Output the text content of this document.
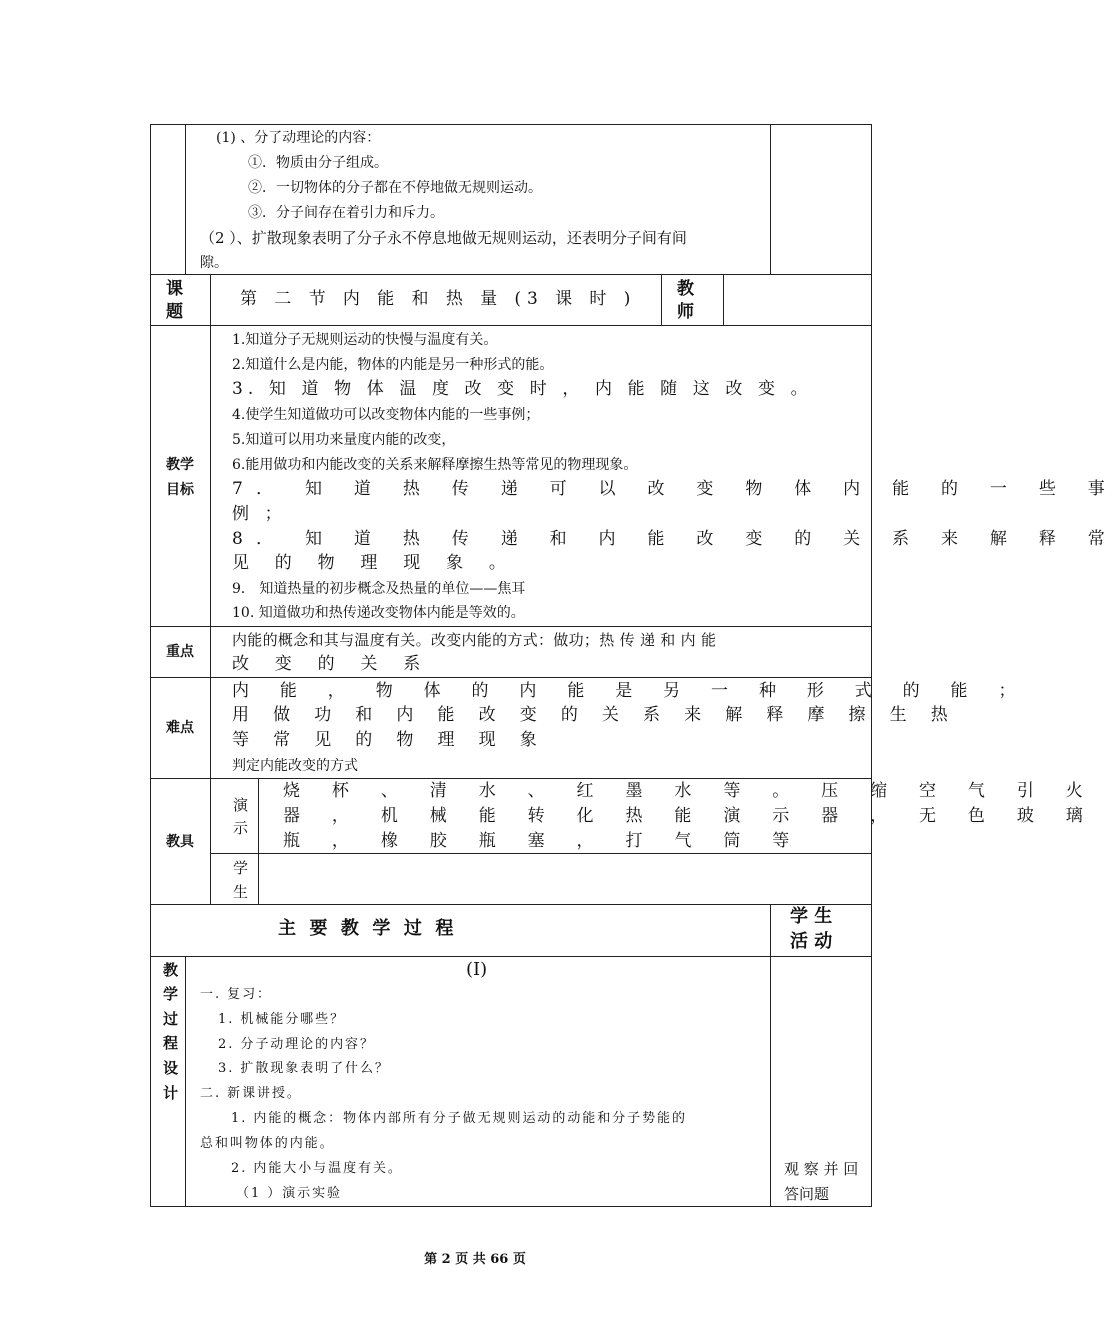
(1) 、分了动理论的内容：
①．物质由分子组成。
②．一切物体的分子都在不停地做无规则运动。
③．分子间存在着引力和斥力。
（2 ）、扩散现象表明了分子永不停息地做无规则运动，还表明分子间有间
隙。
课
题
第 二 节 内 能 和 热 量 (3 课 时 ) 教
师
教学
目标
1.知道分子无规则运动的快慢与温度有关。
2.知道什么是内能，物体的内能是另一种形式的能。
3. 知 道 物 体 温 度 改 变 时 ， 内 能 随 这 改 变 。
4.使学生知道做功可以改变物体内能的一些事例；
5.知道可以用功来量度内能的改变，
6.能用做功和内能改变的关系来解释摩擦生热等常见的物理现象。
7． 知 道 热 传 递 可 以 改 变 物 体 内 能 的 一 些 事
例 ；
8． 知 道 热 传 递 和 内 能 改 变 的 关 系 来 解 释 常
见 的 物 理 现 象 。
9． 知道热量的初步概念及热量的单位——焦耳
10. 知道做功和热传递改变物体内能是等效的。
重点
内能的概念和其与温度有关。改变内能的方式：做功；热 传 递 和 内 能
改 变 的 关 系
难点
内 能 ， 物 体 的 内 能 是 另 一 种 形 式 的 能 ；
用 做 功 和 内 能 改 变 的 关 系 来 解 释 摩 擦 生 热
等 常 见 的 物 理 现 象
判定内能改变的方式
教具
演
示
烧 杯 、 清 水 、 红 墨 水 等 。 压 缩 空 气 引 火
器 ， 机 械 能 转 化 热 能 演 示 器 ， 无 色 玻 璃
瓶 ， 橡 胶 瓶 塞 ， 打 气 筒 等
学
生
主 要 教 学 过 程
学 生
活 动
教
学
过
程
设
计
(I)
一. 复习：
1. 机械能分哪些？
2. 分子动理论的内容？
3. 扩散现象表明了什么？
二. 新课讲授。
1. 内能的概念：物体内部所有分子做无规则运动的动能和分子势能的
总和叫物体的内能。
2. 内能大小与温度有关。
（1 ）演示实验
观 察 并 回
答问题
第 2 页 共 66 页
